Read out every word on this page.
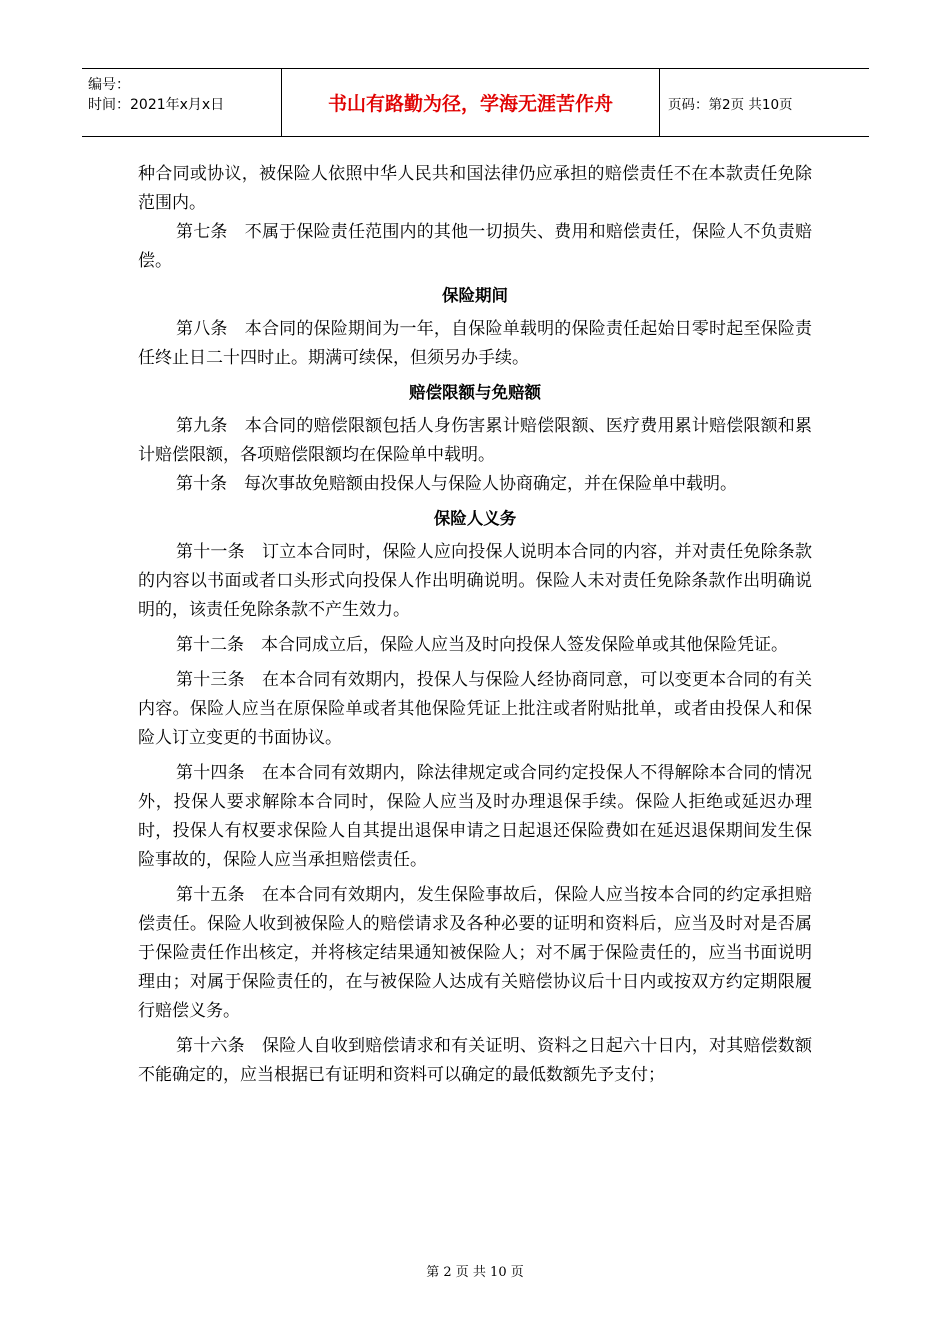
编号：
时间：2021年x月x日	书山有路勤为径，学海无涯苦作舟	页码：第2页 共10页

种合同或协议，被保险人依照中华人民共和国法律仍应承担的赔偿责任不在本款责任免除范围内。

第七条　不属于保险责任范围内的其他一切损失、费用和赔偿责任，保险人不负责赔偿。

保险期间

第八条　本合同的保险期间为一年，自保险单载明的保险责任起始日零时起至保险责任终止日二十四时止。期满可续保，但须另办手续。

赔偿限额与免赔额

第九条　本合同的赔偿限额包括人身伤害累计赔偿限额、医疗费用累计赔偿限额和累计赔偿限额，各项赔偿限额均在保险单中载明。

第十条　每次事故免赔额由投保人与保险人协商确定，并在保险单中载明。

保险人义务

第十一条　订立本合同时，保险人应向投保人说明本合同的内容，并对责任免除条款的内容以书面或者口头形式向投保人作出明确说明。保险人未对责任免除条款作出明确说明的，该责任免除条款不产生效力。

第十二条　本合同成立后，保险人应当及时向投保人签发保险单或其他保险凭证。

第十三条　在本合同有效期内，投保人与保险人经协商同意，可以变更本合同的有关内容。保险人应当在原保险单或者其他保险凭证上批注或者附贴批单，或者由投保人和保险人订立变更的书面协议。

第十四条　在本合同有效期内，除法律规定或合同约定投保人不得解除本合同的情况外，投保人要求解除本合同时，保险人应当及时办理退保手续。保险人拒绝或延迟办理时，投保人有权要求保险人自其提出退保申请之日起退还保险费如在延迟退保期间发生保险事故的，保险人应当承担赔偿责任。

第十五条　在本合同有效期内，发生保险事故后，保险人应当按本合同的约定承担赔偿责任。保险人收到被保险人的赔偿请求及各种必要的证明和资料后，应当及时对是否属于保险责任作出核定，并将核定结果通知被保险人；对不属于保险责任的，应当书面说明理由；对属于保险责任的，在与被保险人达成有关赔偿协议后十日内或按双方约定期限履行赔偿义务。

第十六条　保险人自收到赔偿请求和有关证明、资料之日起六十日内，对其赔偿数额不能确定的，应当根据已有证明和资料可以确定的最低数额先予支付；

第 2 页 共 10 页
